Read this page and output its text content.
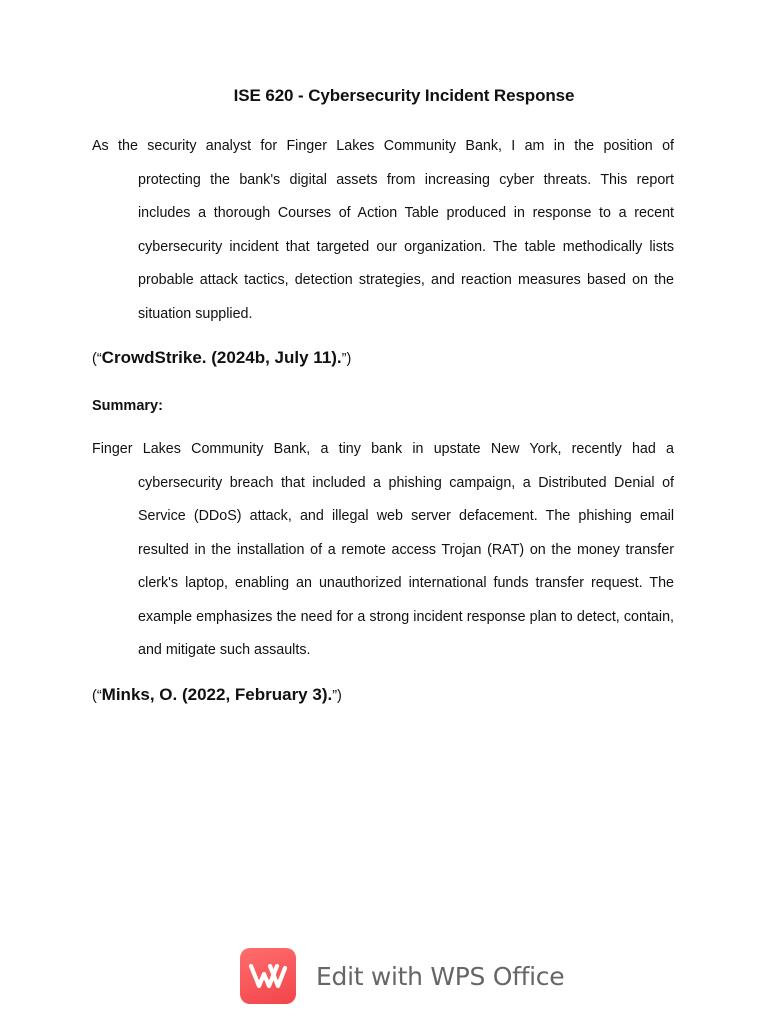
ISE 620 - Cybersecurity Incident Response

As the security analyst for Finger Lakes Community Bank, I am in the position of
protecting the bank's digital assets from increasing cyber threats. This report includes a thorough Courses of Action Table produced in response to a recent cybersecurity incident that targeted our organization. The table methodically lists probable attack tactics, detection strategies, and reaction measures based on the situation supplied.

(“CrowdStrike. (2024b, July 11).”)

Summary:

Finger Lakes Community Bank, a tiny bank in upstate New York, recently had a
cybersecurity breach that included a phishing campaign, a Distributed Denial of Service (DDoS) attack, and illegal web server defacement. The phishing email resulted in the installation of a remote access Trojan (RAT) on the money transfer clerk's laptop, enabling an unauthorized international funds transfer request. The example emphasizes the need for a strong incident response plan to detect, contain, and mitigate such assaults.

(“Minks, O. (2022, February 3).”)

Edit with WPS Office
